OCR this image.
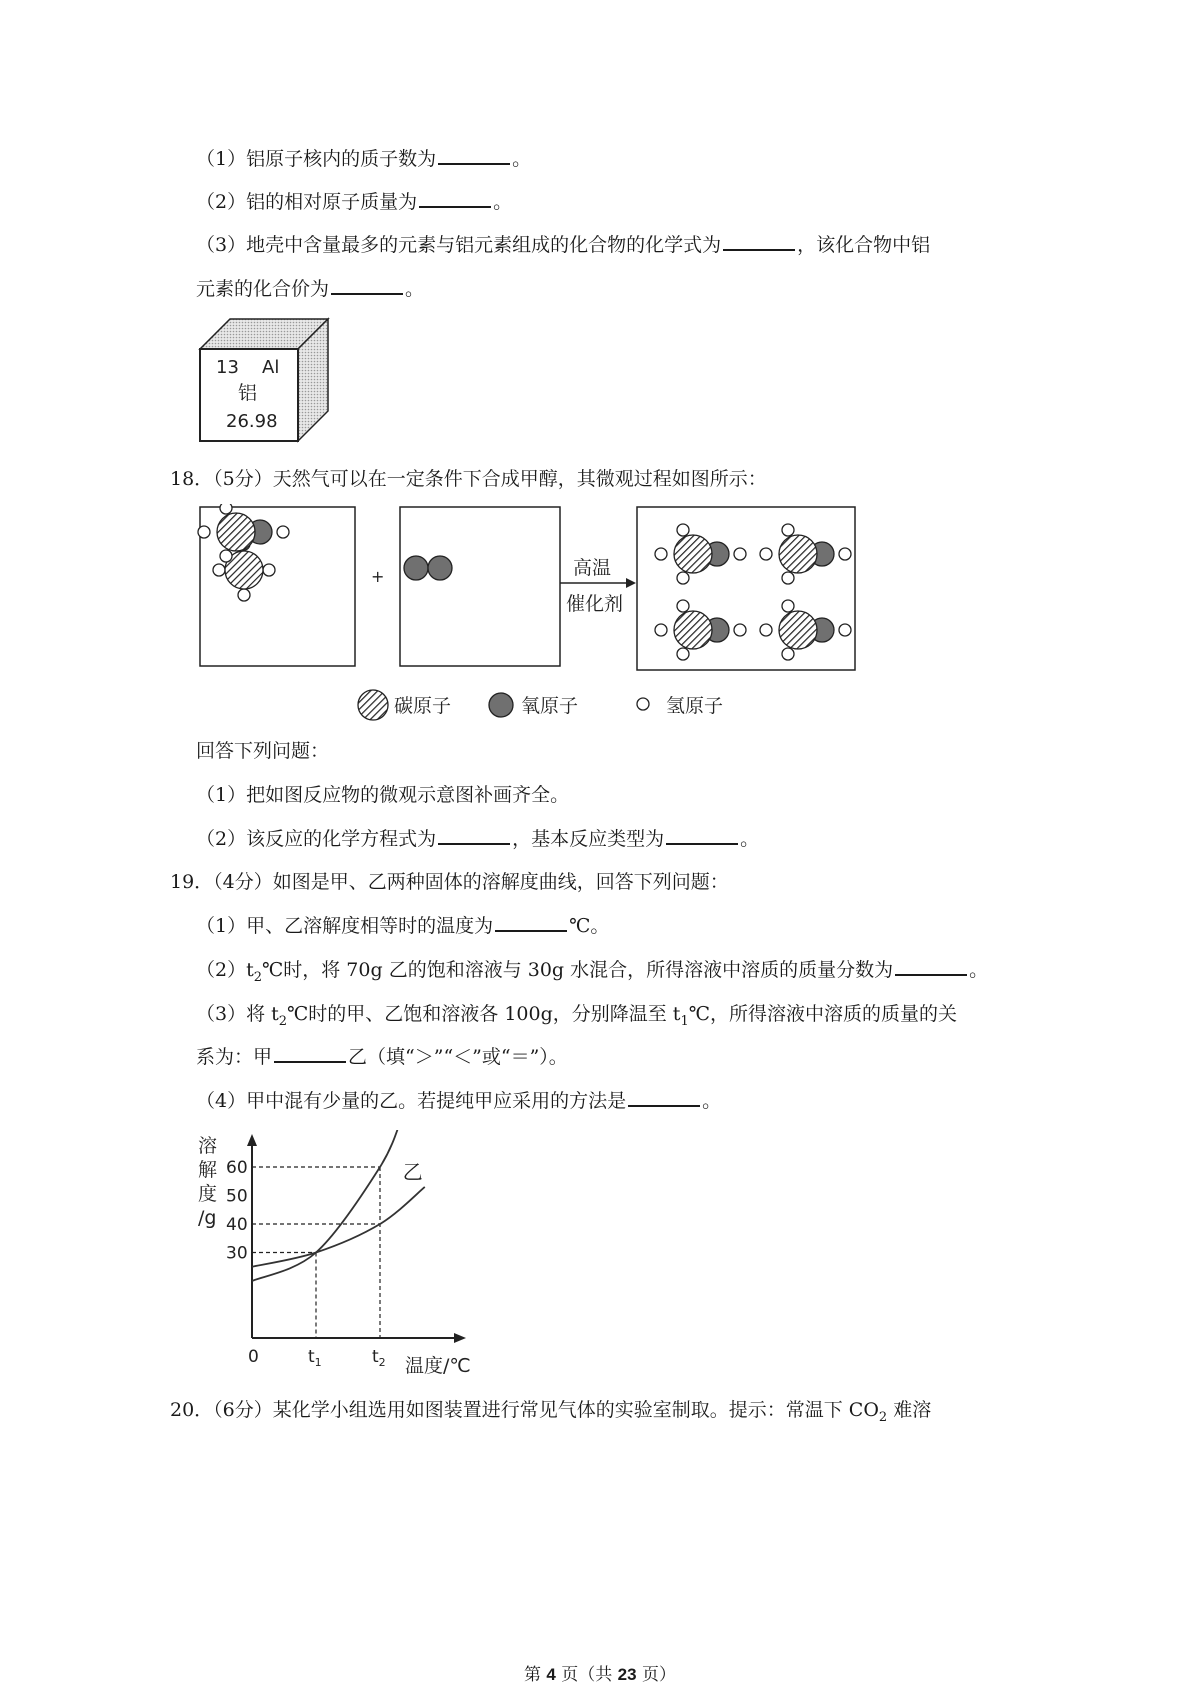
（1）铝原子核内的质子数为	。
（2）铝的相对原子质量为	。
（3）地壳中含量最多的元素与铝元素组成的化合物的化学式为	，该化合物中铝
元素的化合价为	。
13 Al
铝
26.98
18．（5分）天然气可以在一定条件下合成甲醇，其微观过程如图所示：
+	高温
催化剂
碳原子	氧原子	氢原子
回答下列问题：
（1）把如图反应物的微观示意图补画齐全。
（2）该反应的化学方程式为	，基本反应类型为	。
19．（4分）如图是甲、乙两种固体的溶解度曲线，回答下列问题：
（1）甲、乙溶解度相等时的温度为	℃。
$(2)t_2℃$时，将 70g 乙的饱和溶液与 30g 水混合，所得溶液中溶质的质量分数为	。
（3）将 $t_2℃$时的甲、乙饱和溶液各 100g，分别降温至 $t_1℃$，所得溶液中溶质的质量的关
系为：甲	乙（填“＞”“＜”或“＝”）。
（4）甲中混有少量的乙。若提纯甲应采用的方法是	。
溶
解
度
/g
30
40
50
60
0	$t_1$	$t_2$ 温度/℃
乙
20．（6分）某化学小组选用如图装置进行常见气体的实验室制取。提示：常温下 $CO_2$ 难溶
第 4 页（共 23 页）
